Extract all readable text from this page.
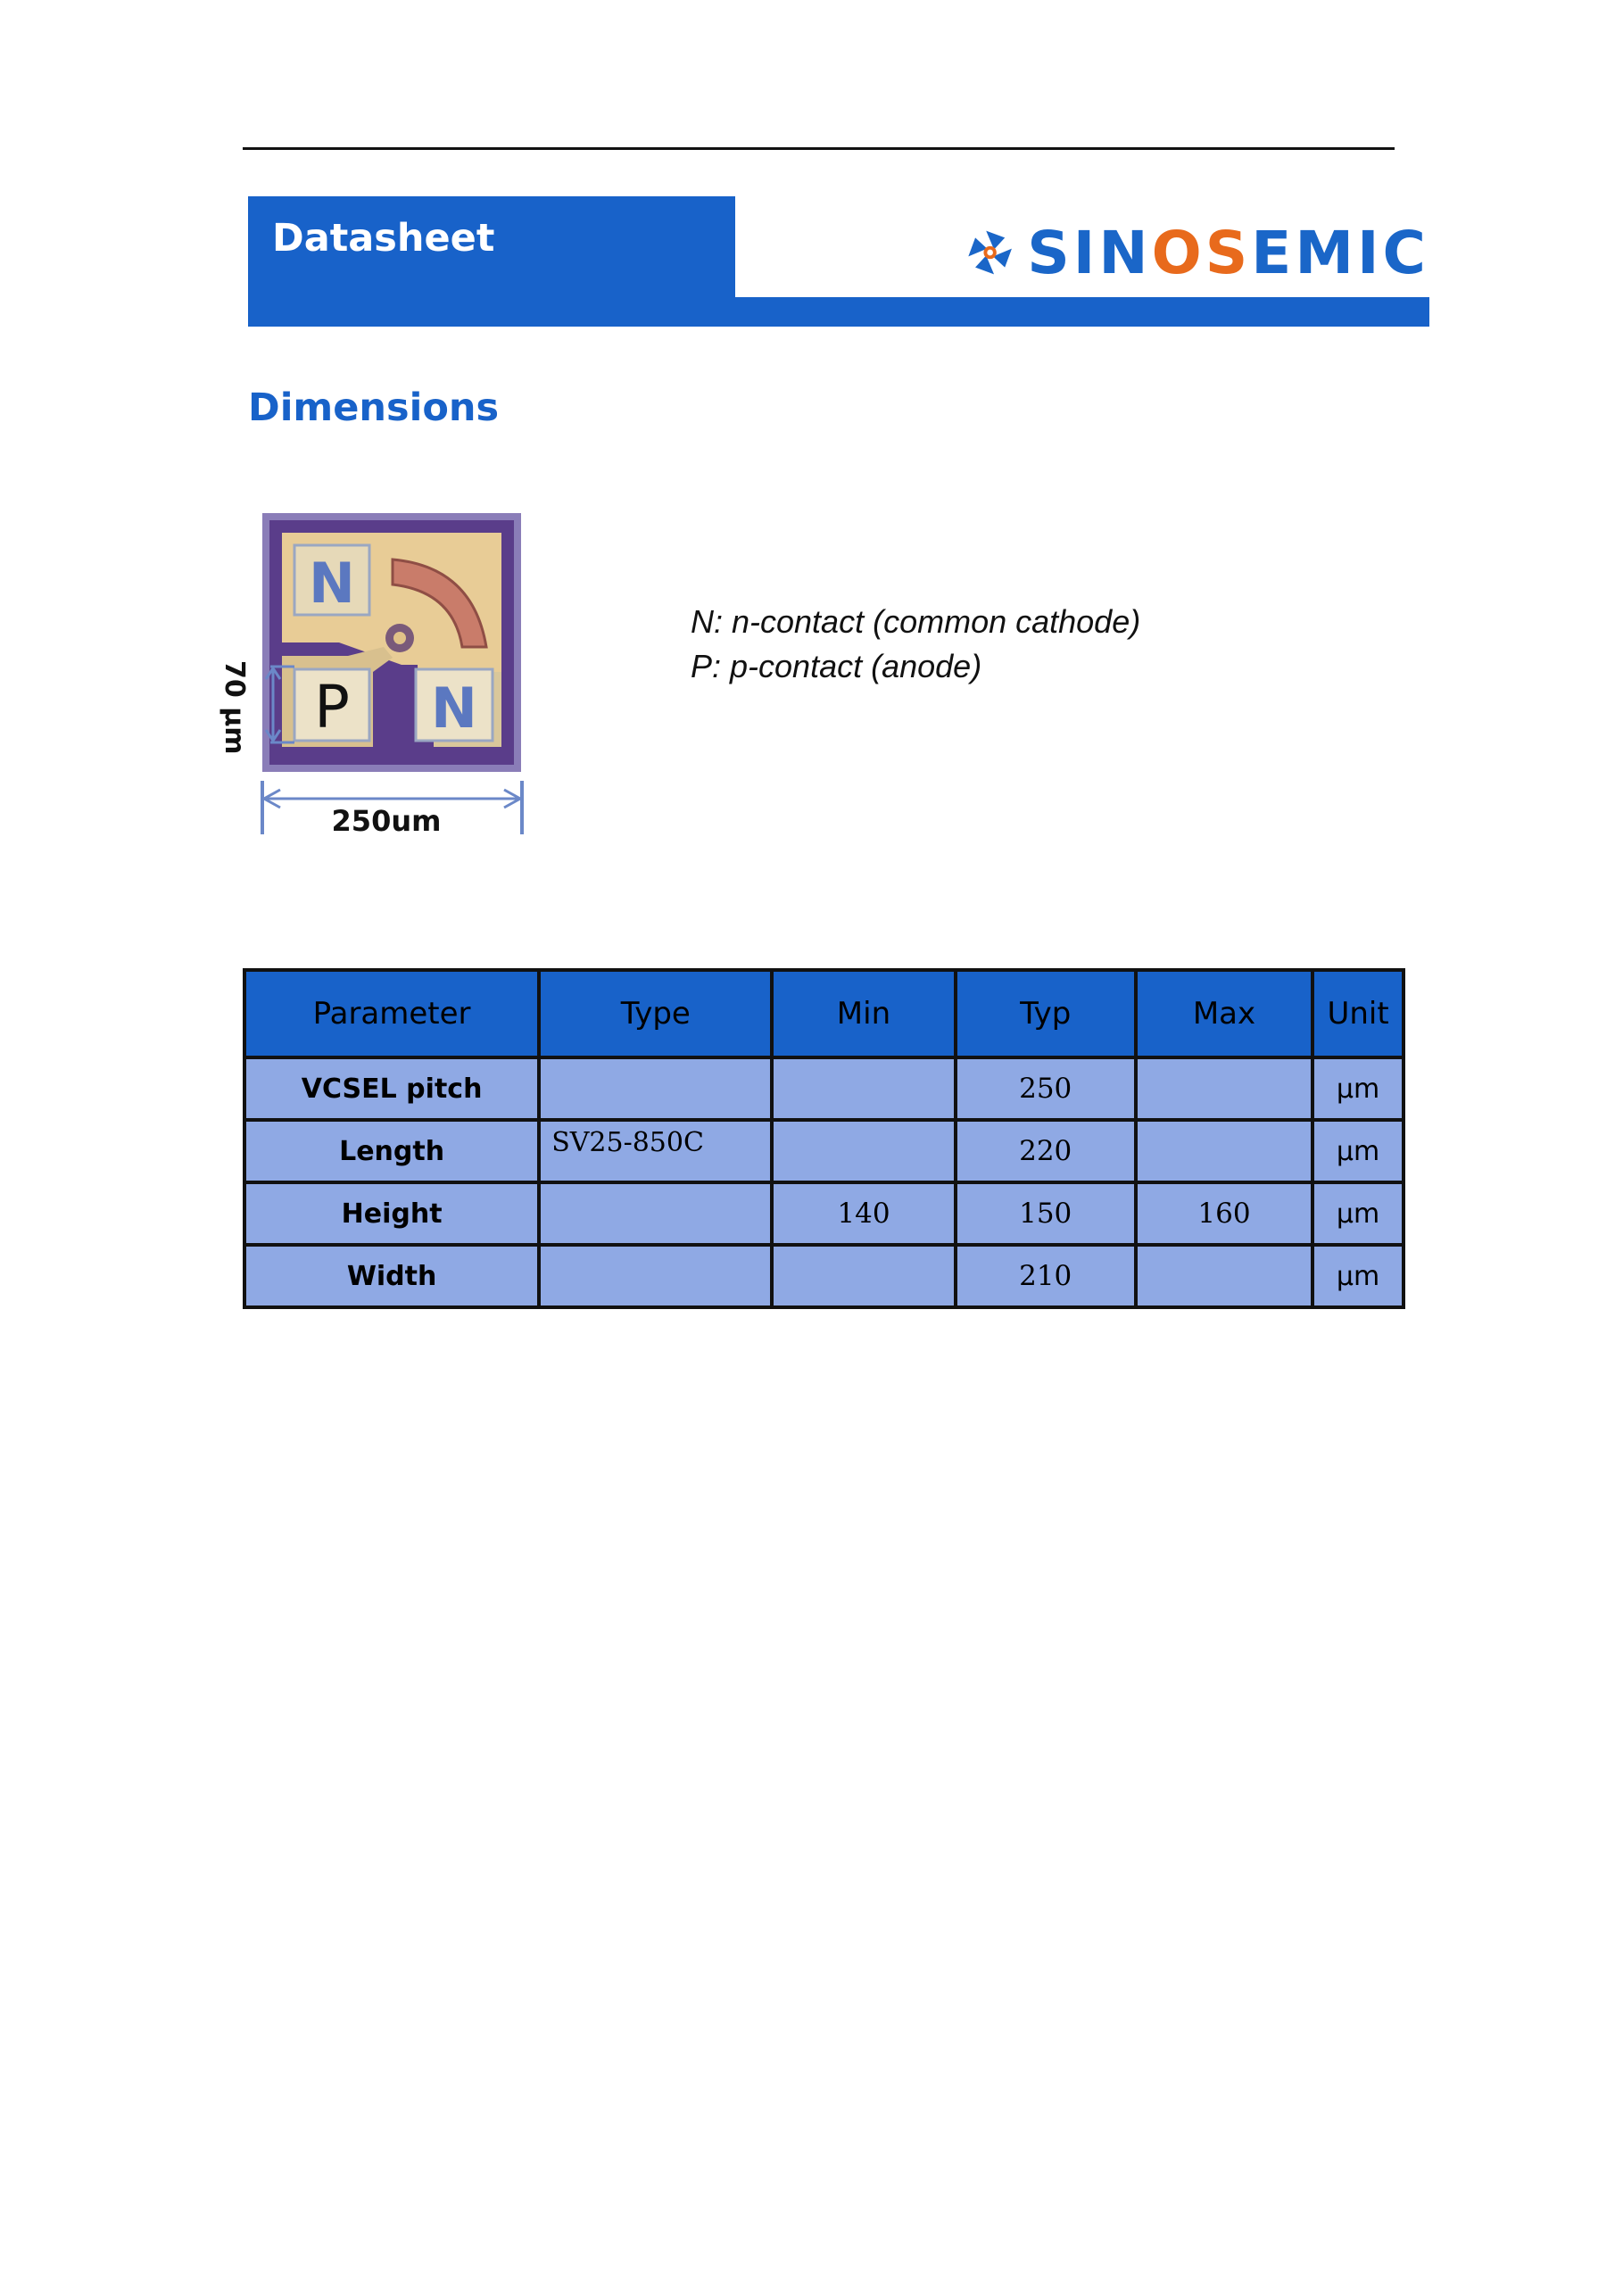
Datasheet	SINOSEMIC
Dimensions
N
P N
70 μm
250um
N: n-contact (common cathode)
P: p-contact (anode)
Parameter	Type	Min	Typ	Max	Unit
VCSEL pitch			250		μm
Length	SV25-850C		220		μm
Height		140	150	160	μm
Width			210		μm
